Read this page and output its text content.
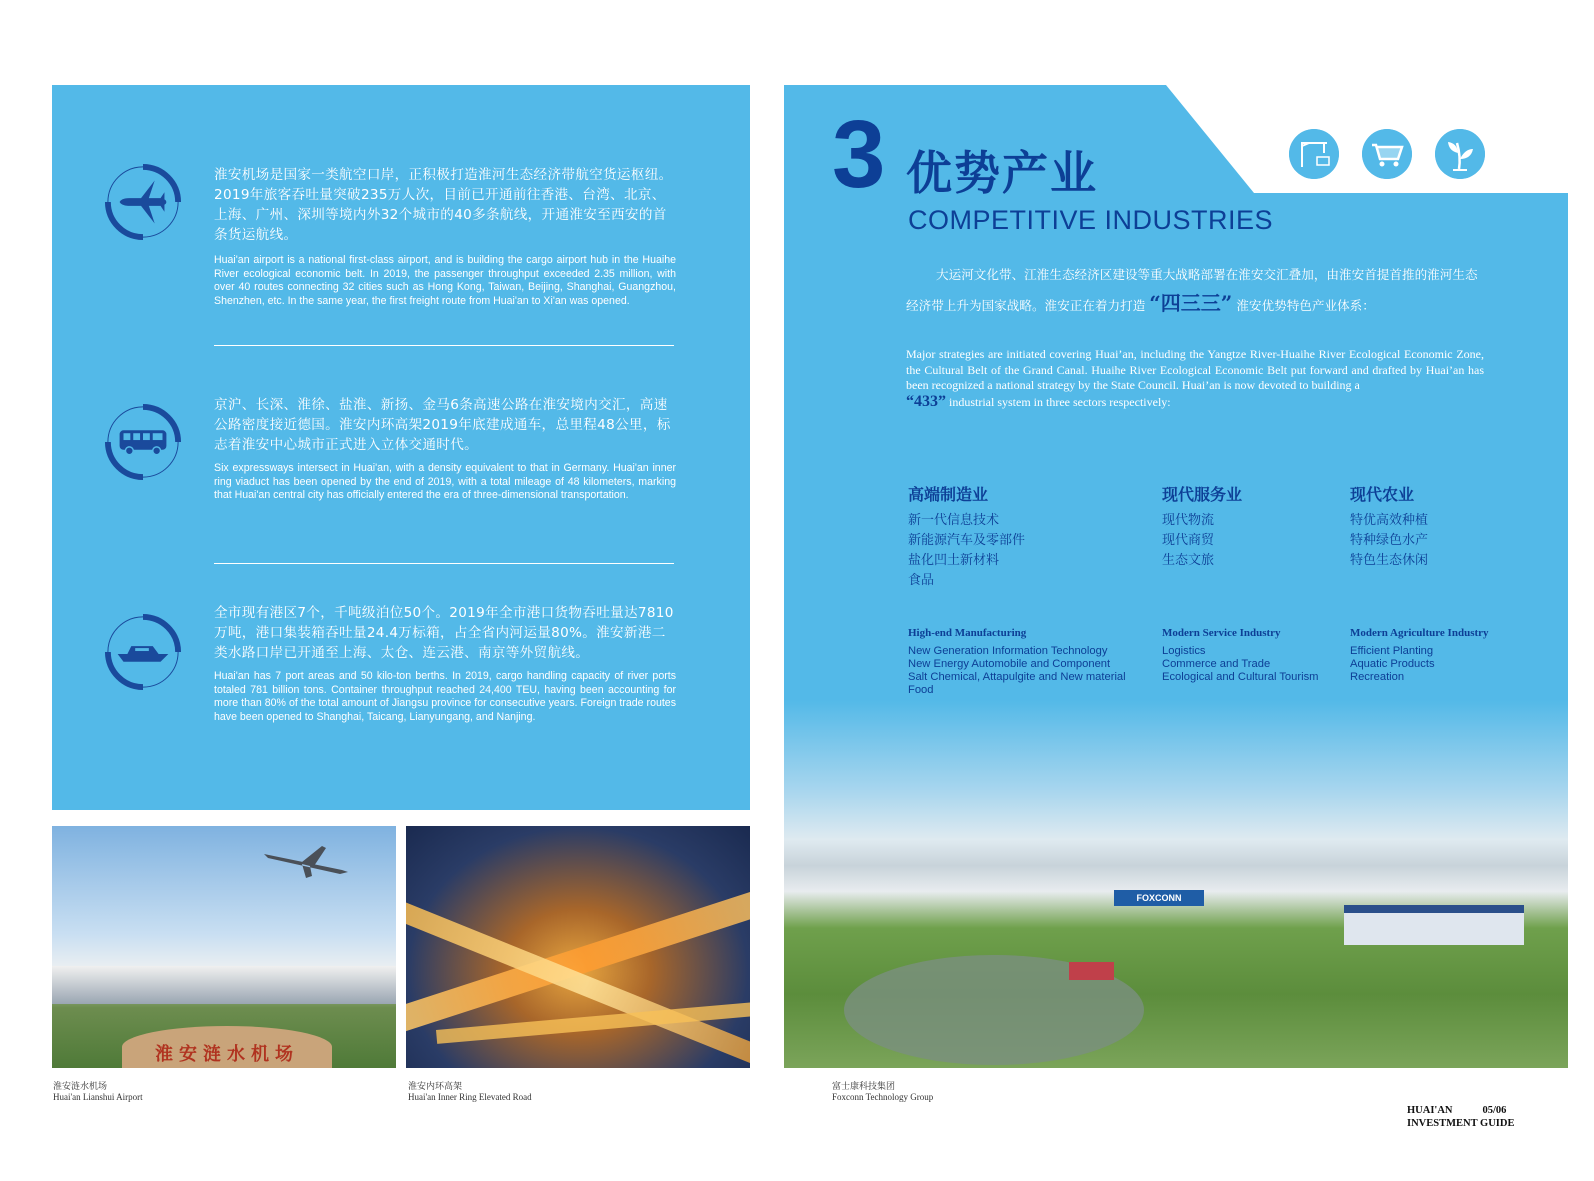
淮安机场是国家一类航空口岸，正积极打造淮河生态经济带航空货运枢纽。2019年旅客吞吐量突破235万人次，目前已开通前往香港、台湾、北京、上海、广州、深圳等境内外32个城市的40多条航线，开通淮安至西安的首条货运航线。
Huai'an airport is a national first-class airport, and is building the cargo airport hub in the Huaihe River ecological economic belt. In 2019, the passenger throughput exceeded 2.35 million, with over 40 routes connecting 32 cities such as Hong Kong, Taiwan, Beijing, Shanghai, Guangzhou, Shenzhen, etc. In the same year, the first freight route from Huai'an to Xi'an was opened.
京沪、长深、淮徐、盐淮、新扬、金马6条高速公路在淮安境内交汇，高速公路密度接近德国。淮安内环高架2019年底建成通车，总里程48公里，标志着淮安中心城市正式进入立体交通时代。
Six expressways intersect in Huai'an, with a density equivalent to that in Germany. Huai'an inner ring viaduct has been opened by the end of 2019, with a total mileage of 48 kilometers, marking that Huai'an central city has officially entered the era of three-dimensional transportation.
全市现有港区7个，千吨级泊位50个。2019年全市港口货物吞吐量达7810万吨，港口集装箱吞吐量24.4万标箱，占全省内河运量80%。淮安新港二类水路口岸已开通至上海、太仓、连云港、南京等外贸航线。
Huai'an has 7 port areas and 50 kilo-ton berths. In 2019, cargo handling capacity of river ports totaled 781 billion tons. Container throughput reached 24,400 TEU, having been accounting for more than 80% of the total amount of Jiangsu province for consecutive years. Foreign trade routes have been opened to Shanghai, Taicang, Lianyungang, and Nanjing.
淮安涟水机场
淮安涟水机场
Huai'an Lianshui Airport
淮安内环高架
Huai'an Inner Ring Elevated Road
3 优势产业
COMPETITIVE INDUSTRIES
大运河文化带、江淮生态经济区建设等重大战略部署在淮安交汇叠加，由淮安首提首推的淮河生态经济带上升为国家战略。淮安正在着力打造 “四三三” 淮安优势特色产业体系：
Major strategies are initiated covering Huai’an, including the Yangtze River-Huaihe River Ecological Economic Zone, the Cultural Belt of the Grand Canal. Huaihe River Ecological Economic Belt put forward and drafted by Huai’an has been recognized a national strategy by the State Council. Huai’an is now devoted to building a
“433” industrial system in three sectors respectively:
高端制造业
新一代信息技术
新能源汽车及零部件
盐化凹土新材料
食品
现代服务业
现代物流
现代商贸
生态文旅
现代农业
特优高效种植
特种绿色水产
特色生态休闲
High-end Manufacturing
New Generation Information Technology
New Energy Automobile and Component
Salt Chemical, Attapulgite and New material
Food
Modern Service Industry
Logistics
Commerce and Trade
Ecological and Cultural Tourism
Modern Agriculture Industry
Efficient Planting
Aquatic Products
Recreation
FOXCONN
富士康科技集团
Foxconn Technology Group
HUAI'AN	05/06
INVESTMENT GUIDE
